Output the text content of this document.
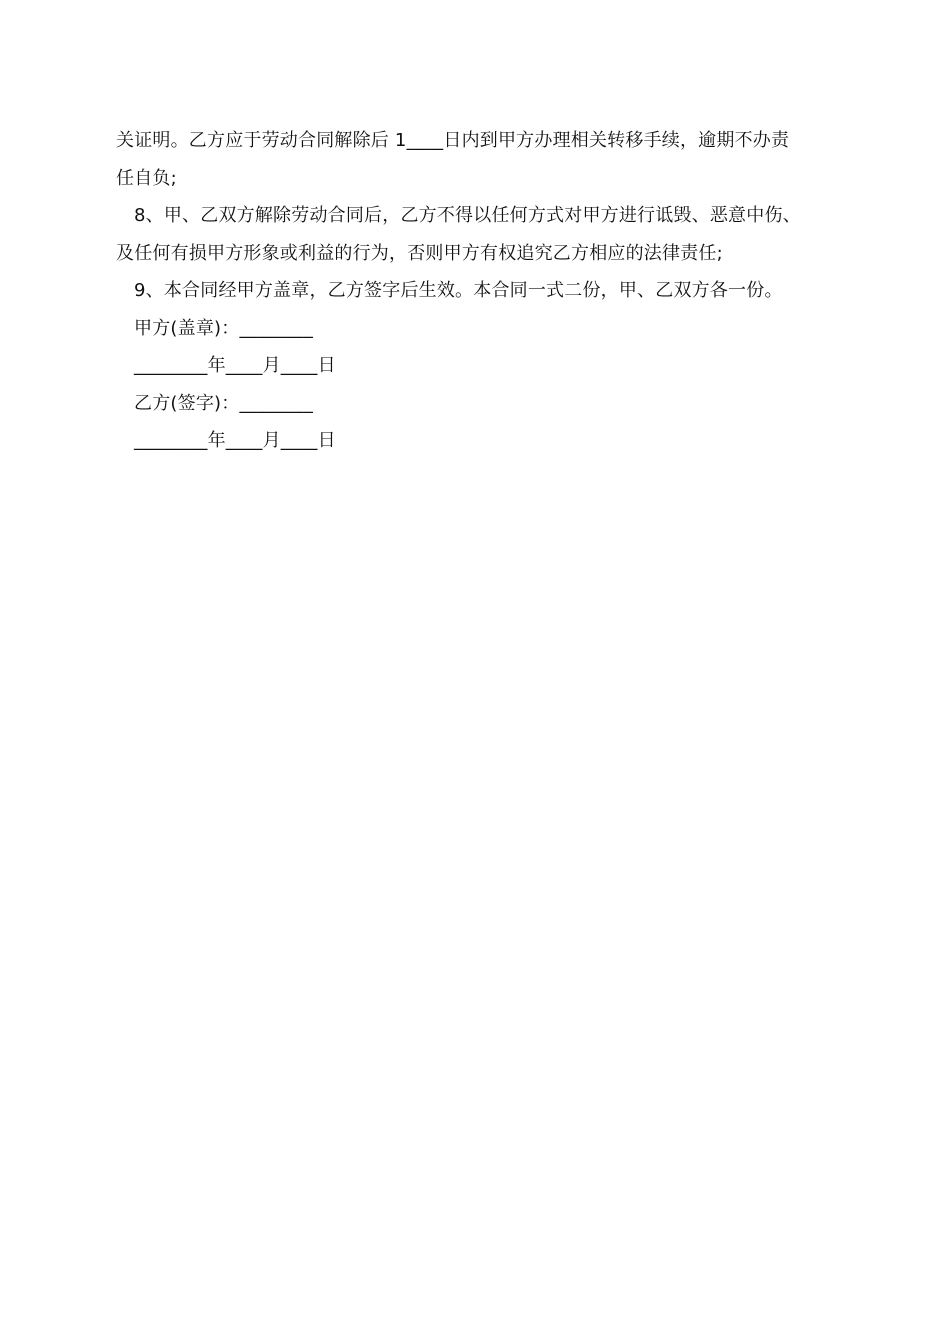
关证明。乙方应于劳动合同解除后 1____日内到甲方办理相关转移手续，逾期不办责
任自负;
8、甲、乙双方解除劳动合同后，乙方不得以任何方式对甲方进行诋毁、恶意中伤、
及任何有损甲方形象或利益的行为，否则甲方有权追究乙方相应的法律责任;
9、本合同经甲方盖章，乙方签字后生效。本合同一式二份，甲、乙双方各一份。
甲方(盖章)：________
________年____月____日
乙方(签字)：________
________年____月____日
